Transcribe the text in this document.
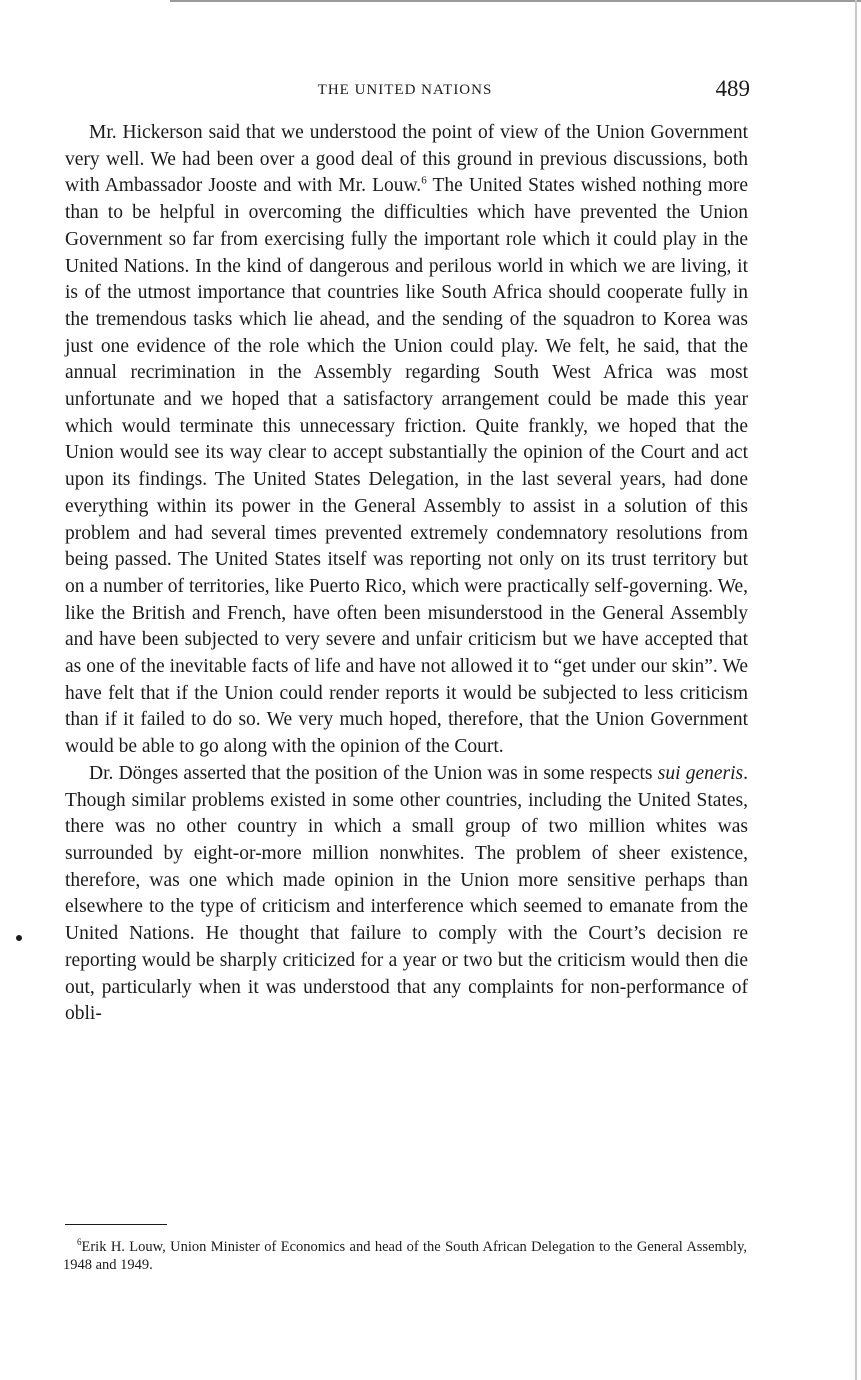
THE UNITED NATIONS	489

Mr. Hickerson said that we understood the point of view of the Union Government very well. We had been over a good deal of this ground in previous discussions, both with Ambassador Jooste and with Mr. Louw.$^6$ The United States wished nothing more than to be helpful in overcoming the difficulties which have prevented the Union Government so far from exercising fully the important role which it could play in the United Nations. In the kind of dangerous and perilous world in which we are living, it is of the utmost importance that countries like South Africa should cooperate fully in the tremendous tasks which lie ahead, and the sending of the squadron to Korea was just one evidence of the role which the Union could play. We felt, he said, that the annual recrimination in the Assembly regarding South West Africa was most unfortunate and we hoped that a satisfactory arrangement could be made this year which would terminate this unnecessary friction. Quite frankly, we hoped that the Union would see its way clear to accept substantially the opinion of the Court and act upon its findings. The United States Delegation, in the last several years, had done everything within its power in the General Assembly to assist in a solution of this problem and had several times prevented extremely condemnatory resolutions from being passed. The United States itself was reporting not only on its trust territory but on a number of territories, like Puerto Rico, which were practically self-governing. We, like the British and French, have often been misunderstood in the General Assembly and have been subjected to very severe and unfair criticism but we have accepted that as one of the inevitable facts of life and have not allowed it to “get under our skin”. We have felt that if the Union could render reports it would be subjected to less criticism than if it failed to do so. We very much hoped, therefore, that the Union Government would be able to go along with the opinion of the Court.

Dr. Dönges asserted that the position of the Union was in some respects sui generis. Though similar problems existed in some other countries, including the United States, there was no other country in which a small group of two million whites was surrounded by eight-or-more million nonwhites. The problem of sheer existence, therefore, was one which made opinion in the Union more sensitive perhaps than elsewhere to the type of criticism and interference which seemed to emanate from the United Nations. He thought that failure to comply with the Court’s decision re reporting would be sharply criticized for a year or two but the criticism would then die out, particularly when it was understood that any complaints for non-performance of obli-

$^6$Erik H. Louw, Union Minister of Economics and head of the South African Delegation to the General Assembly, 1948 and 1949.
